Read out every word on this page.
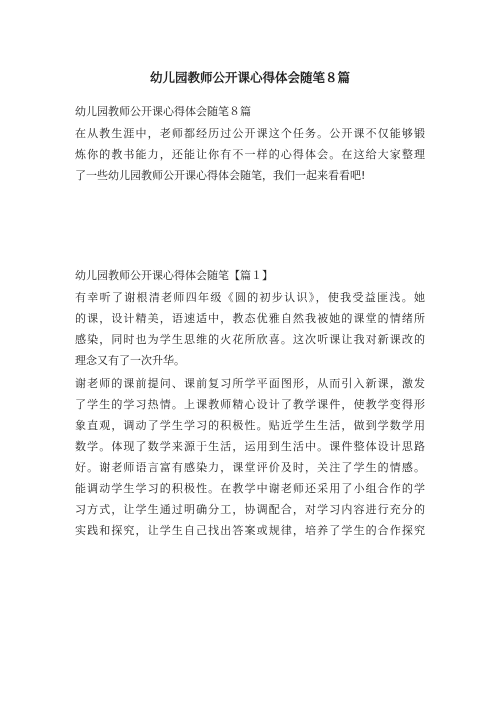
幼儿园教师公开课心得体会随笔８篇
幼儿园教师公开课心得体会随笔８篇
在从教生涯中，老师都经历过公开课这个任务。公开课不仅能够锻
炼你的教书能力，还能让你有不一样的心得体会。在这给大家整理
了一些幼儿园教师公开课心得体会随笔，我们一起来看看吧!
幼儿园教师公开课心得体会随笔【篇１】
有幸听了谢根清老师四年级《圆的初步认识》，使我受益匪浅。她
的课，设计精美，语速适中，教态优雅自然我被她的课堂的情绪所
感染，同时也为学生思维的火花所欣喜。这次听课让我对新课改的
理念又有了一次升华。
谢老师的课前提问、课前复习所学平面图形，从而引入新课，激发
了学生的学习热情。上课教师精心设计了教学课件，使教学变得形
象直观，调动了学生学习的积极性。贴近学生生活，做到学数学用
数学。体现了数学来源于生活，运用到生活中。课件整体设计思路
好。谢老师语言富有感染力，课堂评价及时，关注了学生的情感。
能调动学生学习的积极性。在教学中谢老师还采用了小组合作的学
习方式，让学生通过明确分工，协调配合，对学习内容进行充分的
实践和探究，让学生自己找出答案或规律，培养了学生的合作探究
